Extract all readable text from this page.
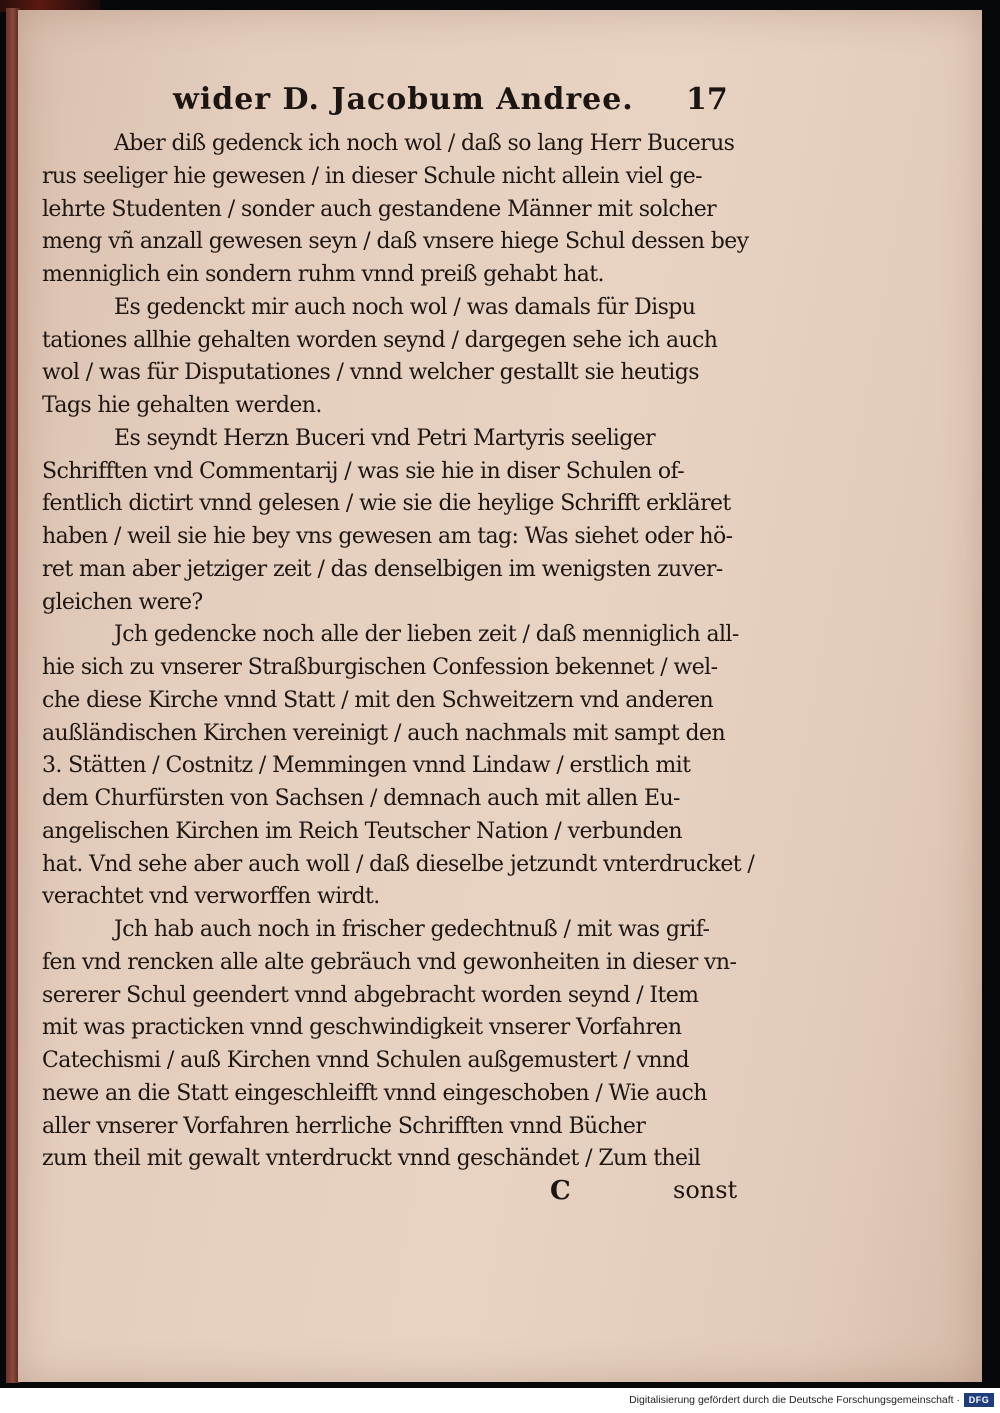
wider D. Jacobum Andree. 17
Aber diß gedenck ich noch wol / daß so lang Herr Bucerus
rus seeliger hie gewesen / in dieser Schule nicht allein viel ge-
lehrte Studenten / sonder auch gestandene Männer mit solcher
meng vñ anzall gewesen seyn / daß vnsere hiege Schul dessen bey
menniglich ein sondern ruhm vnnd preiß gehabt hat.
Es gedenckt mir auch noch wol / was damals für Dispu
tationes allhie gehalten worden seynd / dargegen sehe ich auch
wol / was für Disputationes / vnnd welcher gestallt sie heutigs
Tags hie gehalten werden.
Es seyndt Herzn Buceri vnd Petri Martyris seeliger
Schrifften vnd Commentarij / was sie hie in diser Schulen of-
fentlich dictirt vnnd gelesen / wie sie die heylige Schrifft erkläret
haben / weil sie hie bey vns gewesen am tag: Was siehet oder hö-
ret man aber jetziger zeit / das denselbigen im wenigsten zuver-
gleichen were?
Jch gedencke noch alle der lieben zeit / daß menniglich all-
hie sich zu vnserer Straßburgischen Confession bekennet / wel-
che diese Kirche vnnd Statt / mit den Schweitzern vnd anderen
außländischen Kirchen vereinigt / auch nachmals mit sampt den
3. Stätten / Costnitz / Memmingen vnnd Lindaw / erstlich mit
dem Churfürsten von Sachsen / demnach auch mit allen Eu-
angelischen Kirchen im Reich Teutscher Nation / verbunden
hat. Vnd sehe aber auch woll / daß dieselbe jetzundt vnterdrucket /
verachtet vnd verworffen wirdt.
Jch hab auch noch in frischer gedechtnuß / mit was grif-
fen vnd rencken alle alte gebräuch vnd gewonheiten in dieser vn-
sererer Schul geendert vnnd abgebracht worden seynd / Item
mit was practicken vnnd geschwindigkeit vnserer Vorfahren
Catechismi / auß Kirchen vnnd Schulen außgemustert / vnnd
newe an die Statt eingeschleifft vnnd eingeschoben / Wie auch
aller vnserer Vorfahren herrliche Schrifften vnnd Bücher
zum theil mit gewalt vnterdruckt vnnd geschändet / Zum theil
C	sonst
Digitalisierung gefördert durch die Deutsche Forschungsgemeinschaft · DFG
